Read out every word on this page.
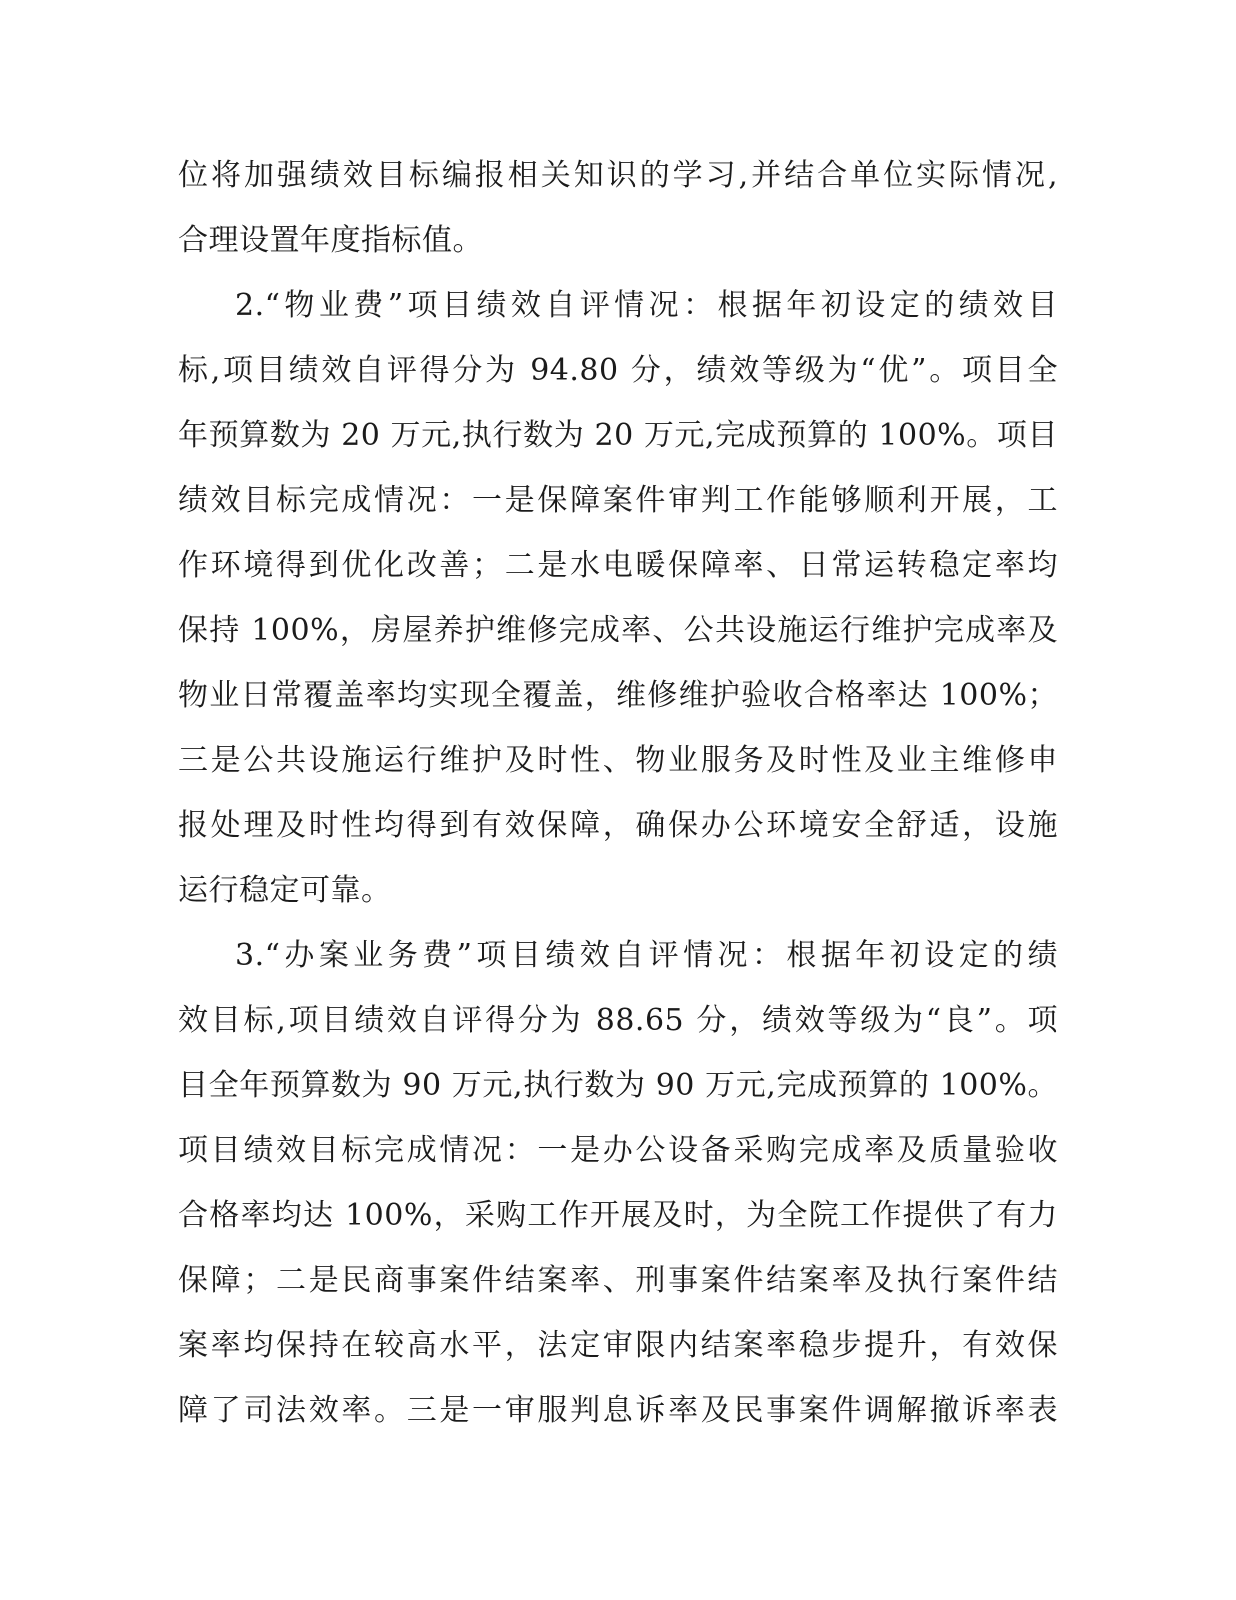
位将加强绩效目标编报相关知识的学习,并结合单位实际情况,
合理设置年度指标值。
2.“物业费”项目绩效自评情况：根据年初设定的绩效目
标,项目绩效自评得分为 94.80 分，绩效等级为“优”。项目全
年预算数为 20 万元,执行数为 20 万元,完成预算的 100%。项目
绩效目标完成情况：一是保障案件审判工作能够顺利开展，工
作环境得到优化改善；二是水电暖保障率、日常运转稳定率均
保持 100%，房屋养护维修完成率、公共设施运行维护完成率及
物业日常覆盖率均实现全覆盖，维修维护验收合格率达 100%；
三是公共设施运行维护及时性、物业服务及时性及业主维修申
报处理及时性均得到有效保障，确保办公环境安全舒适，设施
运行稳定可靠。
3.“办案业务费”项目绩效自评情况：根据年初设定的绩
效目标,项目绩效自评得分为 88.65 分，绩效等级为“良”。项
目全年预算数为 90 万元,执行数为 90 万元,完成预算的 100%。
项目绩效目标完成情况：一是办公设备采购完成率及质量验收
合格率均达 100%，采购工作开展及时，为全院工作提供了有力
保障；二是民商事案件结案率、刑事案件结案率及执行案件结
案率均保持在较高水平，法定审限内结案率稳步提升，有效保
障了司法效率。三是一审服判息诉率及民事案件调解撤诉率表
